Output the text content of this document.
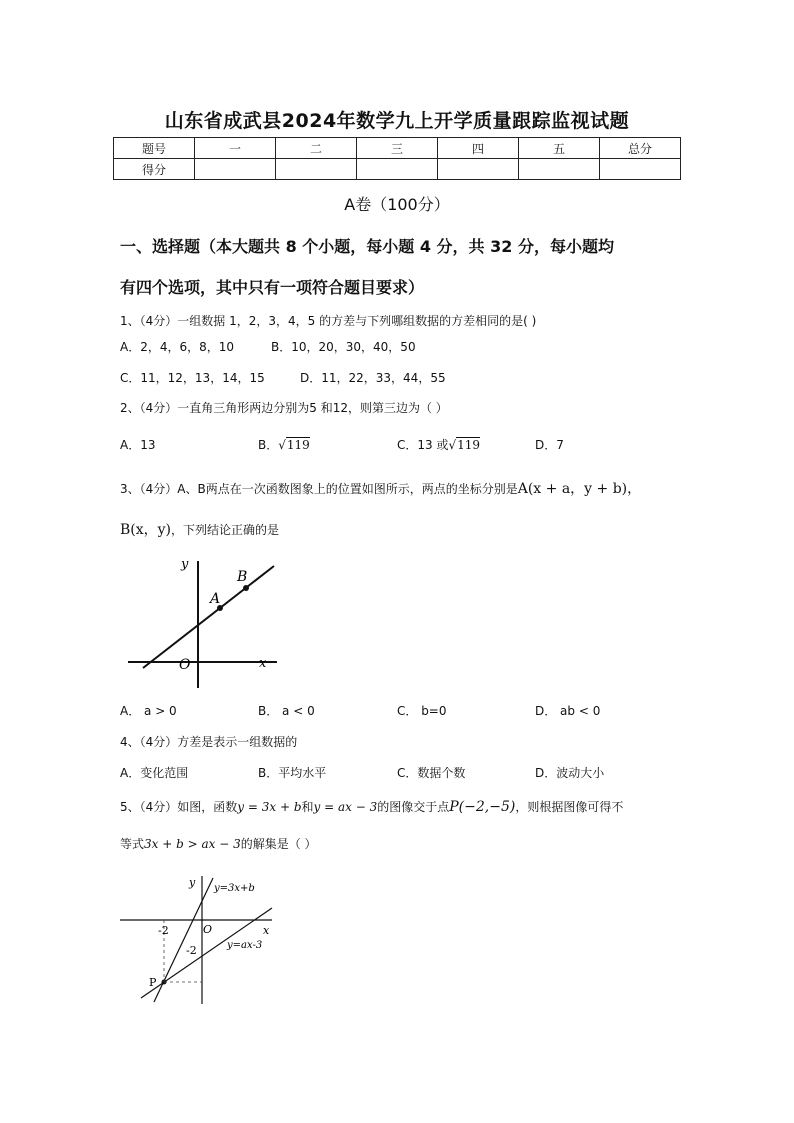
山东省成武县2024年数学九上开学质量跟踪监视试题
题号	一	二	三	四	五	总分
得分						
A卷（100分）
一、选择题（本大题共 8 个小题，每小题 4 分，共 32 分，每小题均
有四个选项，其中只有一项符合题目要求）
1、（4分）一组数据 1，2，3，4，5 的方差与下列哪组数据的方差相同的是( )
A．2，4，6，8，10	B．10，20，30，40，50
C．11，12，13，14，15	D．11，22，33，44，55
2、（4分）一直角三角形两边分别为5 和12，则第三边为（ ）
A．13	B．√119	C．13 或√119	D．7
3、（4分）A、B两点在一次函数图象上的位置如图所示，两点的坐标分别是A(x + a，y + b)，
B(x，y)，下列结论正确的是
y
x
O
A
B
A． a > 0	B． a < 0	C． b=0	D． ab < 0
4、（4分）方差是表示一组数据的
A．变化范围	B．平均水平	C．数据个数	D．波动大小
5、（4分）如图，函数y = 3x + b和y = ax − 3的图像交于点P(−2,−5)，则根据图像可得不
等式3x + b > ax − 3的解集是（ ）
y
x
O
-2
-2
P
y=3x+b
y=ax-3
